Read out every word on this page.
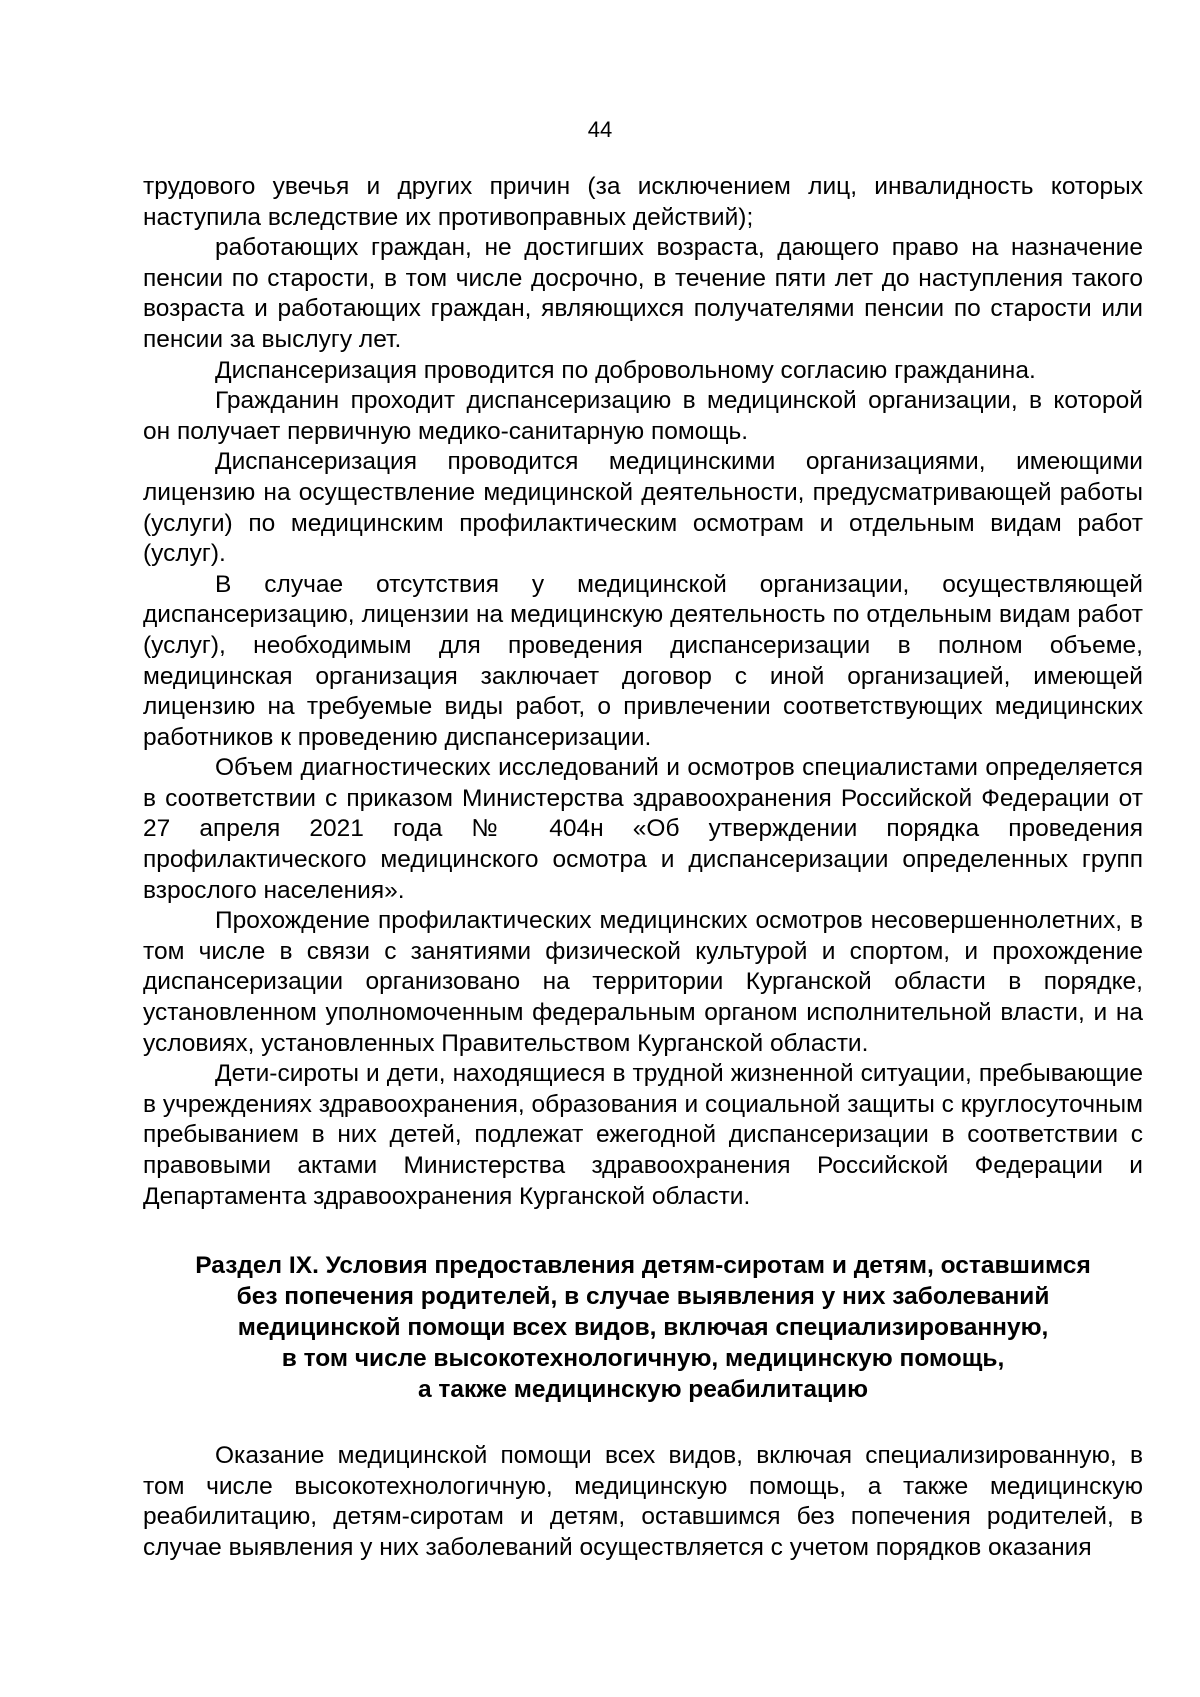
44

трудового увечья и других причин (за исключением лиц, инвалидность которых наступила вследствие их противоправных действий);

работающих граждан, не достигших возраста, дающего право на назначение пенсии по старости, в том числе досрочно, в течение пяти лет до наступления такого возраста и работающих граждан, являющихся получателями пенсии по старости или пенсии за выслугу лет.

Диспансеризация проводится по добровольному согласию гражданина.

Гражданин проходит диспансеризацию в медицинской организации, в которой он получает первичную медико-санитарную помощь.

Диспансеризация проводится медицинскими организациями, имеющими лицензию на осуществление медицинской деятельности, предусматривающей работы (услуги) по медицинским профилактическим осмотрам и отдельным видам работ (услуг).

В случае отсутствия у медицинской организации, осуществляющей диспансеризацию, лицензии на медицинскую деятельность по отдельным видам работ (услуг), необходимым для проведения диспансеризации в полном объеме, медицинская организация заключает договор с иной организацией, имеющей лицензию на требуемые виды работ, о привлечении соответствующих медицинских работников к проведению диспансеризации.

Объем диагностических исследований и осмотров специалистами определяется в соответствии с приказом Министерства здравоохранения Российской Федерации от 27 апреля 2021 года № 404н «Об утверждении порядка проведения профилактического медицинского осмотра и диспансеризации определенных групп взрослого населения».

Прохождение профилактических медицинских осмотров несовершеннолетних, в том числе в связи с занятиями физической культурой и спортом, и прохождение диспансеризации организовано на территории Курганской области в порядке, установленном уполномоченным федеральным органом исполнительной власти, и на условиях, установленных Правительством Курганской области.

Дети-сироты и дети, находящиеся в трудной жизненной ситуации, пребывающие в учреждениях здравоохранения, образования и социальной защиты с круглосуточным пребыванием в них детей, подлежат ежегодной диспансеризации в соответствии с правовыми актами Министерства здравоохранения Российской Федерации и Департамента здравоохранения Курганской области.

Раздел IX. Условия предоставления детям-сиротам и детям, оставшимся
без попечения родителей, в случае выявления у них заболеваний
медицинской помощи всех видов, включая специализированную,
в том числе высокотехнологичную, медицинскую помощь,
а также медицинскую реабилитацию

Оказание медицинской помощи всех видов, включая специализированную, в том числе высокотехнологичную, медицинскую помощь, а также медицинскую реабилитацию, детям-сиротам и детям, оставшимся без попечения родителей, в случае выявления у них заболеваний осуществляется с учетом порядков оказания
